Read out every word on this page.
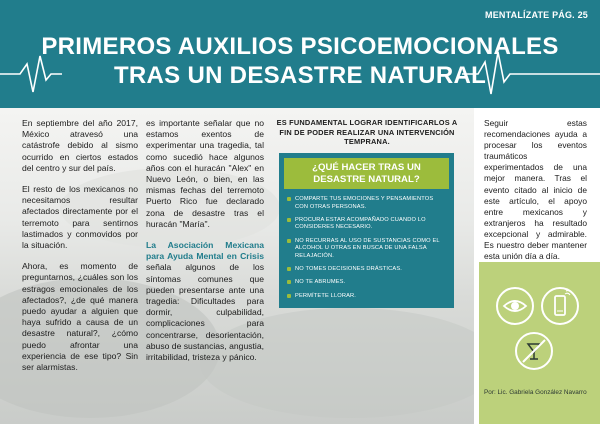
MENTALÍZATE PÁG. 25
PRIMEROS AUXILIOS PSICOEMOCIONALES
TRAS UN DESASTRE NATURAL

En septiembre del año 2017, México atravesó una catástrofe debido al sismo ocurrido en ciertos estados del centro y sur del país.

El resto de los mexicanos no necesitamos resultar afectados directamente por el terremoto para sentirnos lastimados y conmovidos por la situación.

Ahora, es momento de preguntarnos, ¿cuáles son los estragos emocionales de los afectados?, ¿de qué manera puedo ayudar a alguien que haya sufrido a causa de un desastre natural?, ¿cómo puedo afrontar una experiencia de ese tipo? Sin ser alarmistas.

es importante señalar que no estamos exentos de experimentar una tragedia, tal como sucedió hace algunos años con el huracán "Alex" en Nuevo León, o bien, en las mismas fechas del terremoto Puerto Rico fue declarado zona de desastre tras el huracán "María".

La Asociación Mexicana para Ayuda Mental en Crisis señala algunos de los síntomas comunes que pueden presentarse ante una tragedia: Dificultades para dormir, culpabilidad, complicaciones para concentrarse, desorientación, abuso de sustancias, angustia, irritabilidad, tristeza y pánico.

ES FUNDAMENTAL LOGRAR IDENTIFICARLOS A FIN DE PODER REALIZAR UNA INTERVENCIÓN TEMPRANA.
¿QUÉ HACER TRAS UN DESASTRE NATURAL?
COMPARTE TUS EMOCIONES Y PENSAMIENTOS CON OTRAS PERSONAS.
PROCURA ESTAR ACOMPAÑADO CUANDO LO CONSIDERES NECESARIO.
NO RECURRAS AL USO DE SUSTANCIAS COMO EL ALCOHOL U OTRAS EN BUSCA DE UNA FALSA RELAJACIÓN.
NO TOMES DECISIONES DRÁSTICAS.
NO TE ABRUMES.
PERMÍTETE LLORAR.
Seguir estas recomendaciones ayuda a procesar los eventos traumáticos experimentados de una mejor manera. Tras el evento citado al inicio de este artículo, el apoyo entre mexicanos y extranjeros ha resultado excepcional y admirable. Es nuestro deber mantener esta unión día a día.
Por: Lic. Gabriela González Navarro
